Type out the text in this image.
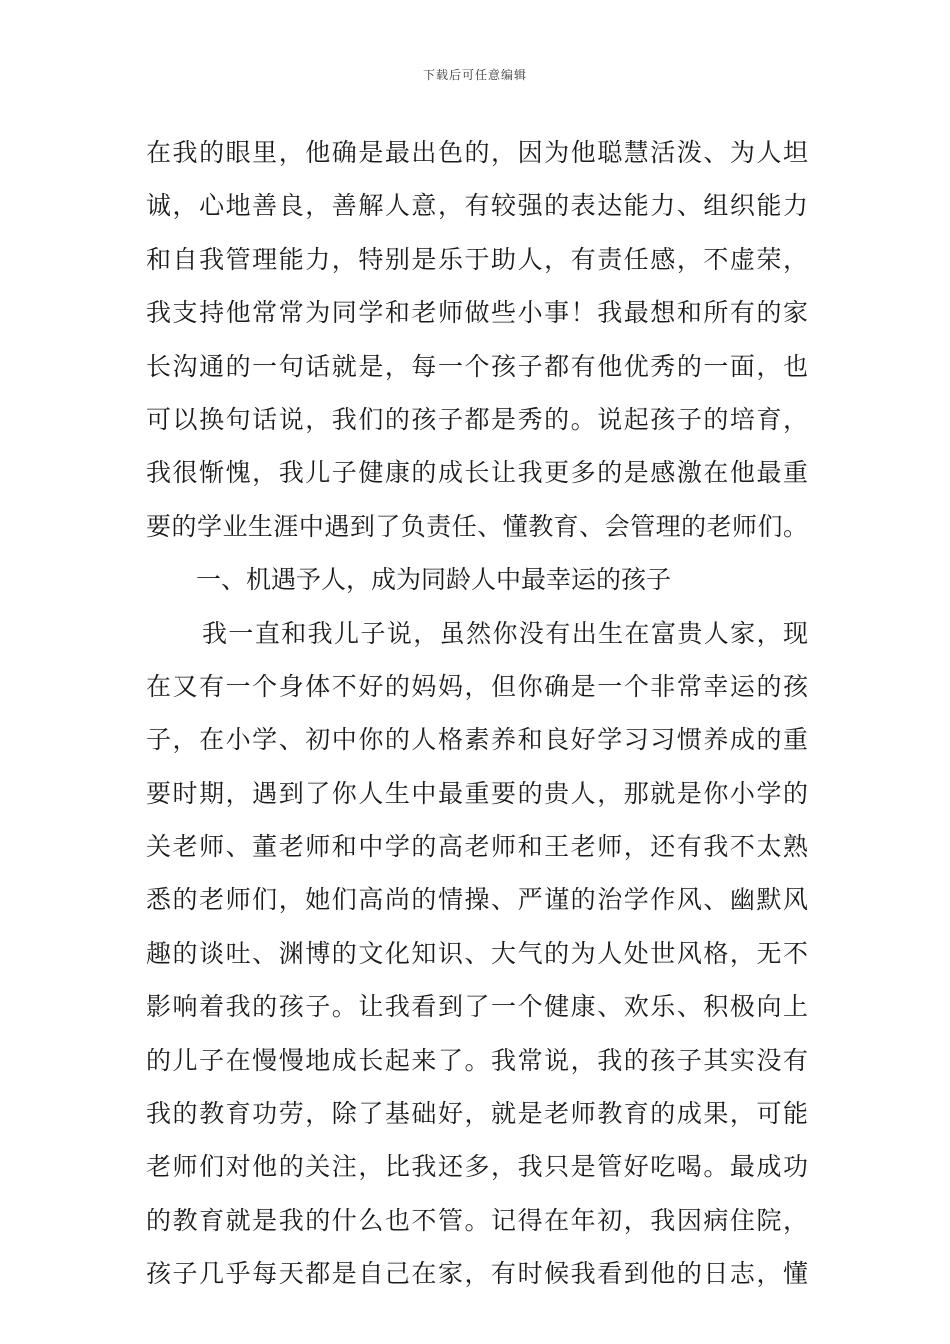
下载后可任意编辑
在我的眼里，他确是最出色的，因为他聪慧活泼、为人坦
诚，心地善良，善解人意，有较强的表达能力、组织能力
和自我管理能力，特别是乐于助人，有责任感，不虚荣，
我支持他常常为同学和老师做些小事！我最想和所有的家
长沟通的一句话就是，每一个孩子都有他优秀的一面，也
可以换句话说，我们的孩子都是秀的。说起孩子的培育，
我很惭愧，我儿子健康的成长让我更多的是感激在他最重
要的学业生涯中遇到了负责任、懂教育、会管理的老师们。
一、机遇予人，成为同龄人中最幸运的孩子
我一直和我儿子说，虽然你没有出生在富贵人家，现
在又有一个身体不好的妈妈，但你确是一个非常幸运的孩
子，在小学、初中你的人格素养和良好学习习惯养成的重
要时期，遇到了你人生中最重要的贵人，那就是你小学的
关老师、董老师和中学的高老师和王老师，还有我不太熟
悉的老师们，她们高尚的情操、严谨的治学作风、幽默风
趣的谈吐、渊博的文化知识、大气的为人处世风格，无不
影响着我的孩子。让我看到了一个健康、欢乐、积极向上
的儿子在慢慢地成长起来了。我常说，我的孩子其实没有
我的教育功劳，除了基础好，就是老师教育的成果，可能
老师们对他的关注，比我还多，我只是管好吃喝。最成功
的教育就是我的什么也不管。记得在年初，我因病住院，
孩子几乎每天都是自己在家，有时候我看到他的日志，懂
